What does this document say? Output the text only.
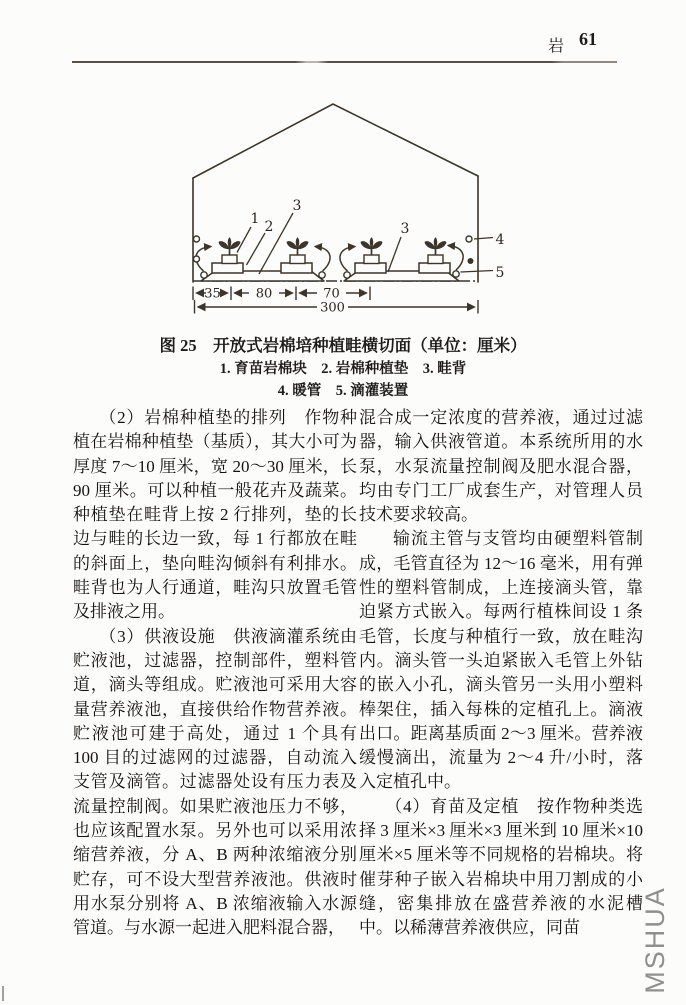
岩 61
1 2
3
3
4
5
35	80	70
300
图 25　开放式岩棉培种植畦横切面（单位：厘米）
1. 育苗岩棉块　2. 岩棉种植垫　3. 畦背
4. 暖管　5. 滴灌装置

（2）岩棉种植垫的排列　作物种植在岩棉种植垫（基质），其大小可为厚度 7～10 厘米，宽 20～30 厘米，长 90 厘米。可以种植一般花卉及蔬菜。种植垫在畦背上按 2 行排列，垫的长边与畦的长边一致，每 1 行都放在畦的斜面上，垫向畦沟倾斜有利排水。畦背也为人行通道，畦沟只放置毛管及排液之用。

（3）供液设施　供液滴灌系统由贮液池，过滤器，控制部件，塑料管道，滴头等组成。贮液池可采用大容量营养液池，直接供给作物营养液。贮液池可建于高处，通过 1 个具有 100 目的过滤网的过滤器，自动流入支管及滴管。过滤器处设有压力表及流量控制阀。如果贮液池压力不够，也应该配置水泵。另外也可以采用浓缩营养液，分 A、B 两种浓缩液分别贮存，可不设大型营养液池。供液时用水泵分别将 A、B 浓缩液输入水源管道。与水源一起进入肥料混合器，

混合成一定浓度的营养液，通过过滤器，输入供液管道。本系统所用的水泵，水泵流量控制阀及肥水混合器，均由专门工厂成套生产，对管理人员技术要求较高。

输流主管与支管均由硬塑料管制成，毛管直径为 12～16 毫米，用有弹性的塑料管制成，上连接滴头管，靠迫紧方式嵌入。每两行植株间设 1 条毛管，长度与种植行一致，放在畦沟内。滴头管一头迫紧嵌入毛管上外钻的嵌入小孔，滴头管另一头用小塑料棒架住，插入每株的定植孔上。滴液出口。距离基质面 2～3 厘米。营养液缓慢滴出，流量为 2～4 升/小时，落入定植孔中。

（4）育苗及定植　按作物种类选择 3 厘米×3 厘米×3 厘米到 10 厘米×10 厘米×5 厘米等不同规格的岩棉块。将催芽种子嵌入岩棉块中用刀割成的小缝，密集排放在盛营养液的水泥槽中。以稀薄营养液供应，同苗	MSHUA
